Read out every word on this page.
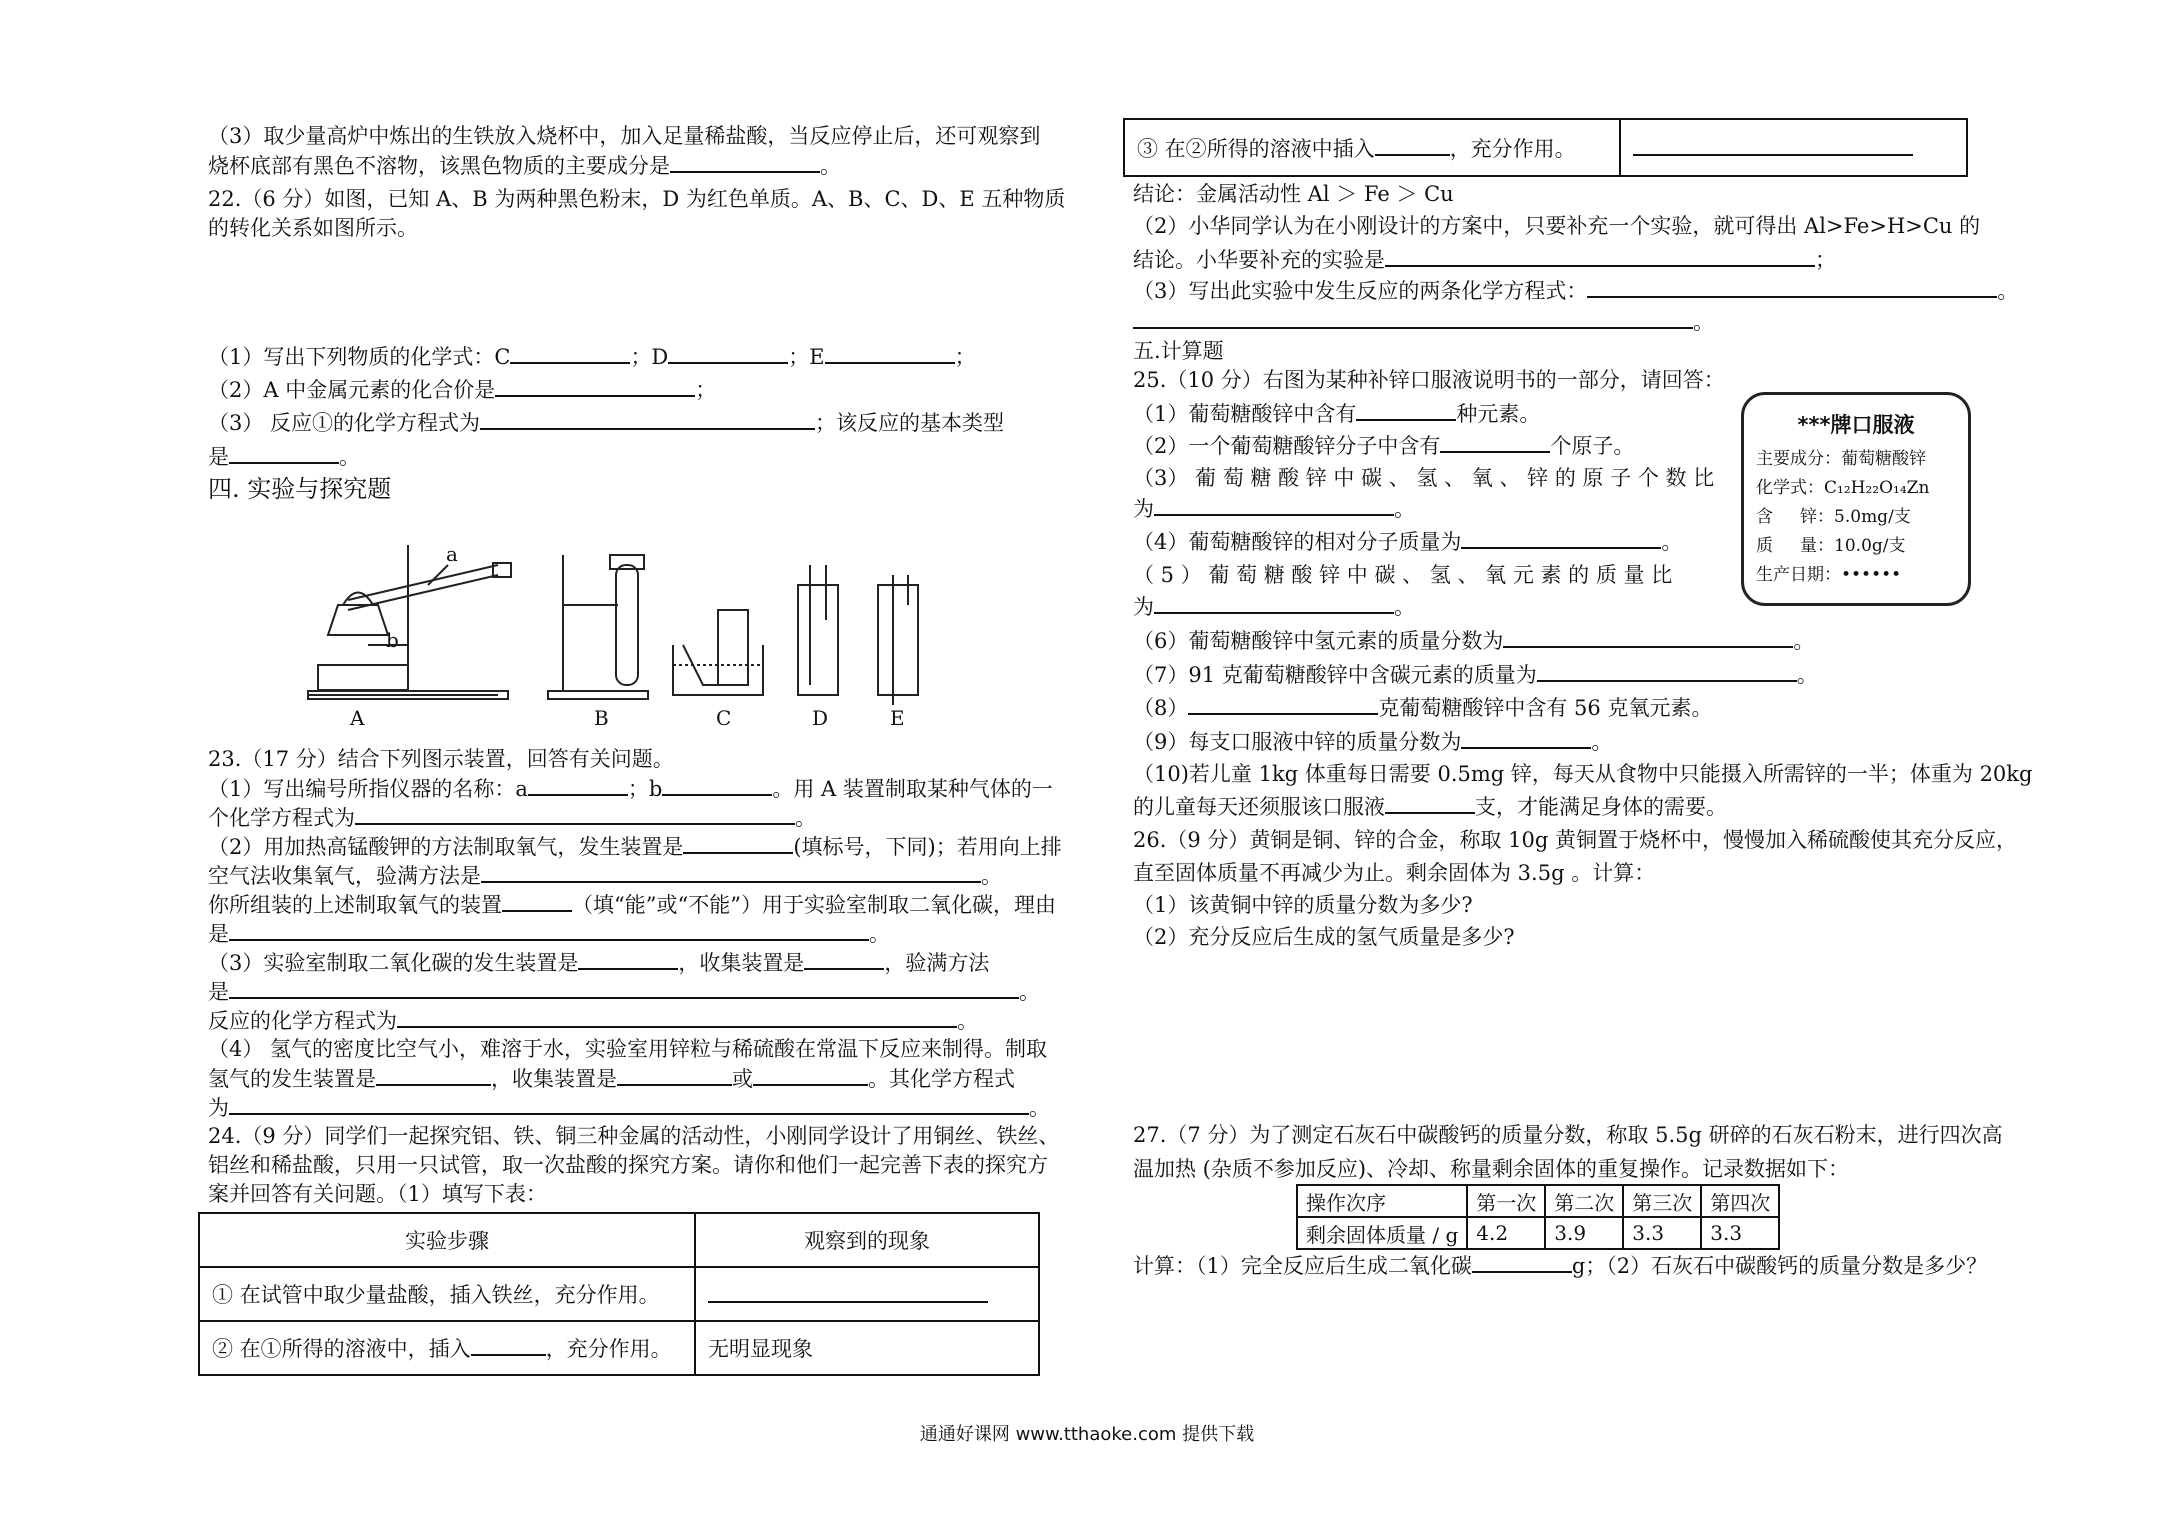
（3）取少量高炉中炼出的生铁放入烧杯中，加入足量稀盐酸，当反应停止后，还可观察到
烧杯底部有黑色不溶物，该黑色物质的主要成分是	。
22.（6 分）如图，已知 A、B 为两种黑色粉末，D 为红色单质。A、B、C、D、E 五种物质
的转化关系如图所示。
（1）写出下列物质的化学式：C	；D	；E	；
（2）A 中金属元素的化合价是	；
（3） 反应①的化学方程式为	；该反应的基本类型
是	。
四. 实验与探究题
a
b
A	B	C	D	E
23.（17 分）结合下列图示装置，回答有关问题。
（1）写出编号所指仪器的名称：a	；b	。用 A 装置制取某种气体的一
个化学方程式为	。
（2）用加热高锰酸钾的方法制取氧气，发生装置是	(填标号，下同)；若用向上排
空气法收集氧气，验满方法是	。
你所组装的上述制取氧气的装置	（填“能”或“不能”）用于实验室制取二氧化碳，理由
是	。
（3）实验室制取二氧化碳的发生装置是	，收集装置是	，验满方法
是	。
反应的化学方程式为	。
（4） 氢气的密度比空气小，难溶于水，实验室用锌粒与稀硫酸在常温下反应来制得。制取
氢气的发生装置是	，收集装置是	或	。其化学方程式
为	。
24.（9 分）同学们一起探究铝、铁、铜三种金属的活动性，小刚同学设计了用铜丝、铁丝、
铝丝和稀盐酸，只用一只试管，取一次盐酸的探究方案。请你和他们一起完善下表的探究方
案并回答有关问题。（1）填写下表：
实验步骤	观察到的现象
① 在试管中取少量盐酸，插入铁丝，充分作用。	
② 在①所得的溶液中，插入 ，充分作用。	无明显现象
③ 在②所得的溶液中插入	，充分作用。	
结论：金属活动性 Al ＞ Fe ＞ Cu
（2）小华同学认为在小刚设计的方案中，只要补充一个实验，就可得出 Al>Fe>H>Cu 的
结论。小华要补充的实验是	；
（3）写出此实验中发生反应的两条化学方程式：	。
。
五.计算题
25.（10 分）右图为某种补锌口服液说明书的一部分，请回答：
（1）葡萄糖酸锌中含有	种元素。
（2）一个葡萄糖酸锌分子中含有	个原子。
（3） 葡 萄 糖 酸 锌 中 碳 、 氢 、 氧 、 锌 的 原 子 个 数 比
为	。
（4）葡萄糖酸锌的相对分子质量为	。
（ 5 ） 葡 萄 糖 酸 锌 中 碳 、 氢 、 氧 元 素 的 质 量 比
为	。
（6）葡萄糖酸锌中氢元素的质量分数为	。
（7）91 克葡萄糖酸锌中含碳元素的质量为	。
（8）	克葡萄糖酸锌中含有 56 克氧元素。
（9）每支口服液中锌的质量分数为	。
（10)若儿童 1kg 体重每日需要 0.5mg 锌，每天从食物中只能摄入所需锌的一半；体重为 20kg
的儿童每天还须服该口服液	支，才能满足身体的需要。
26.（9 分）黄铜是铜、锌的合金，称取 10g 黄铜置于烧杯中，慢慢加入稀硫酸使其充分反应，
直至固体质量不再减少为止。剩余固体为 3.5g 。计算：
（1）该黄铜中锌的质量分数为多少?
（2）充分反应后生成的氢气质量是多少?
27.（7 分）为了测定石灰石中碳酸钙的质量分数，称取 5.5g 研碎的石灰石粉末，进行四次高
温加热 (杂质不参加反应)、冷却、称量剩余固体的重复操作。记录数据如下：
操作次序	第一次	第二次	第三次	第四次
剩余固体质量 / g	4.2	3.9	3.3	3.3
计算：（1）完全反应后生成二氧化碳	g；（2）石灰石中碳酸钙的质量分数是多少？
***牌口服液
主要成分：葡萄糖酸锌
化学式：C₁₂H₂₂O₁₄Zn
含 锌：5.0mg/支
质 量：10.0g/支
生产日期：••••••
通通好课网 www.tthaoke.com 提供下载
